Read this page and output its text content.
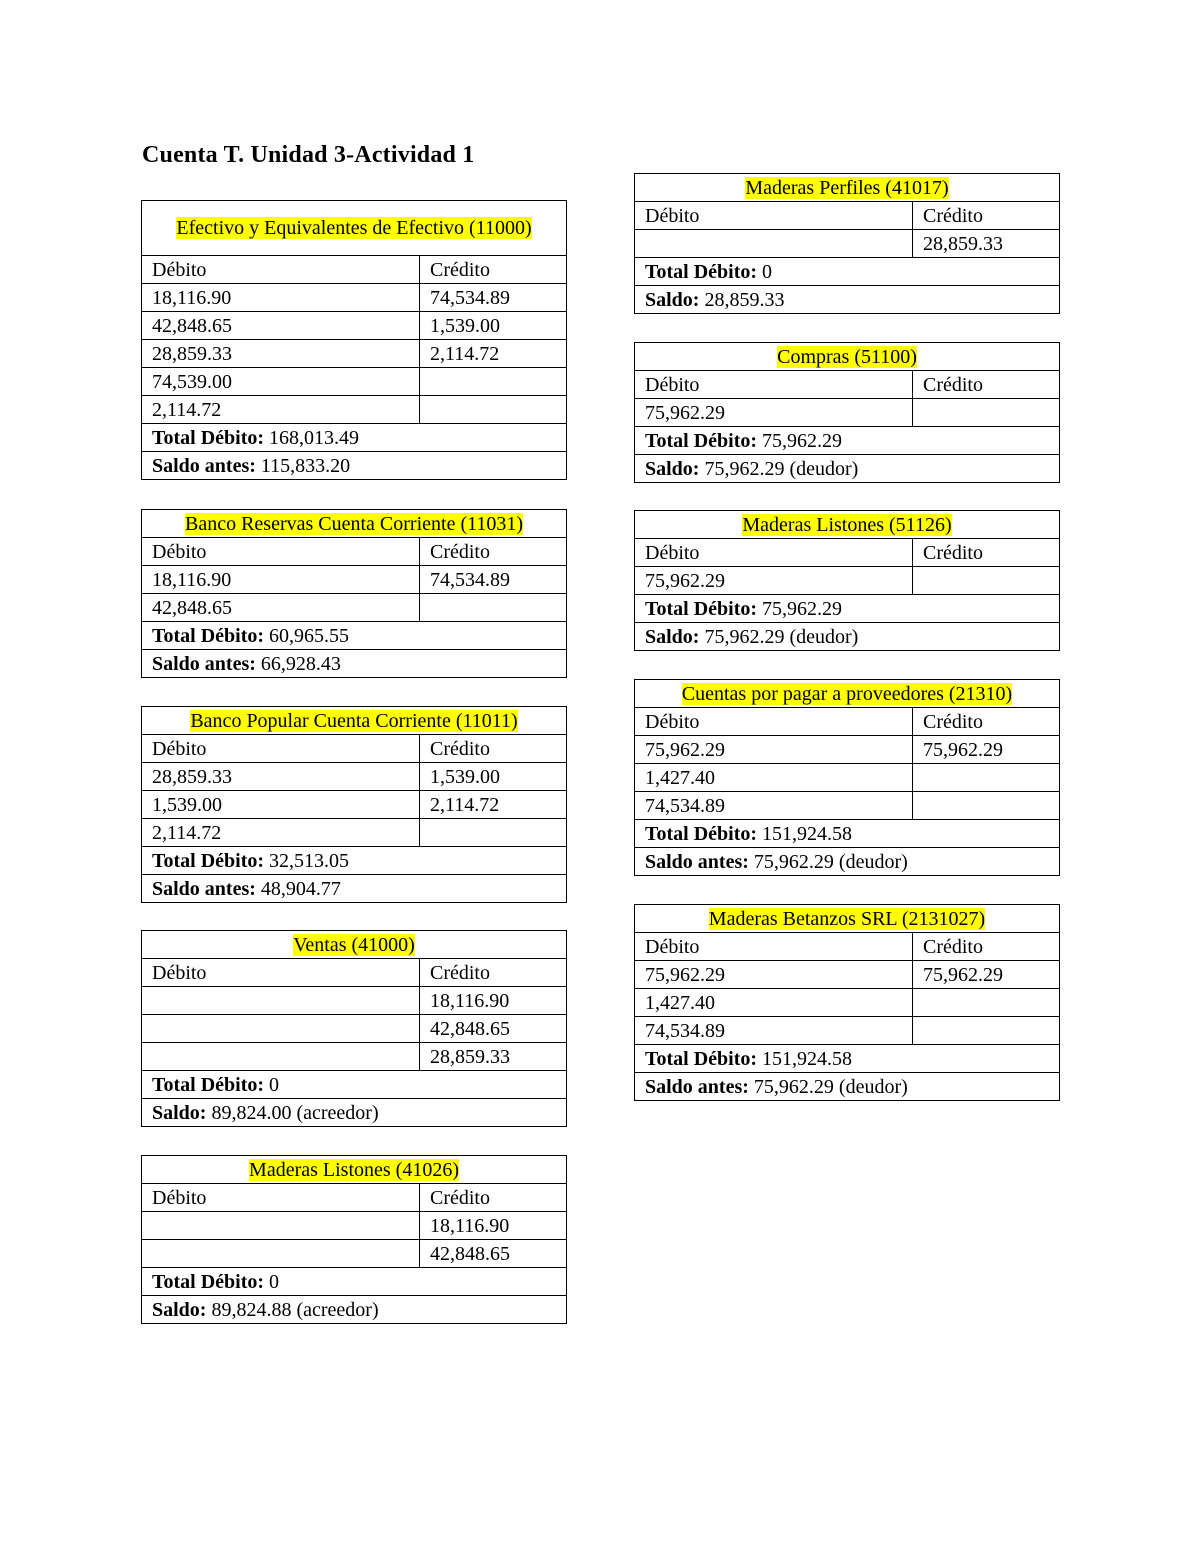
Cuenta T. Unidad 3-Actividad 1
Efectivo y Equivalentes de Efectivo (11000)	
Débito	Crédito
18,116.90	74,534.89
42,848.65	1,539.00
28,859.33	2,114.72
74,539.00	
2,114.72	
Total Débito: 168,013.49	
Saldo antes: 115,833.20	
Banco Reservas Cuenta Corriente (11031)	
Débito	Crédito
18,116.90	74,534.89
42,848.65	
Total Débito: 60,965.55	
Saldo antes: 66,928.43	
Banco Popular Cuenta Corriente (11011)	
Débito	Crédito
28,859.33	1,539.00
1,539.00	2,114.72
2,114.72	
Total Débito: 32,513.05	
Saldo antes: 48,904.77	
Ventas (41000)	
Débito	Crédito
	18,116.90
	42,848.65
	28,859.33
Total Débito: 0	
Saldo: 89,824.00 (acreedor)	
Maderas Listones (41026)	
Débito	Crédito
	18,116.90
	42,848.65
Total Débito: 0	
Saldo: 89,824.88 (acreedor)	
Maderas Perfiles (41017)	
Débito	Crédito
	28,859.33
Total Débito: 0	
Saldo: 28,859.33	
Compras (51100)	
Débito	Crédito
75,962.29	
Total Débito: 75,962.29	
Saldo: 75,962.29 (deudor)	
Maderas Listones (51126)	
Débito	Crédito
75,962.29	
Total Débito: 75,962.29	
Saldo: 75,962.29 (deudor)	
Cuentas por pagar a proveedores (21310)	
Débito	Crédito
75,962.29	75,962.29
1,427.40	
74,534.89	
Total Débito: 151,924.58	
Saldo antes: 75,962.29 (deudor)	
Maderas Betanzos SRL (2131027)	
Débito	Crédito
75,962.29	75,962.29
1,427.40	
74,534.89	
Total Débito: 151,924.58	
Saldo antes: 75,962.29 (deudor)	
